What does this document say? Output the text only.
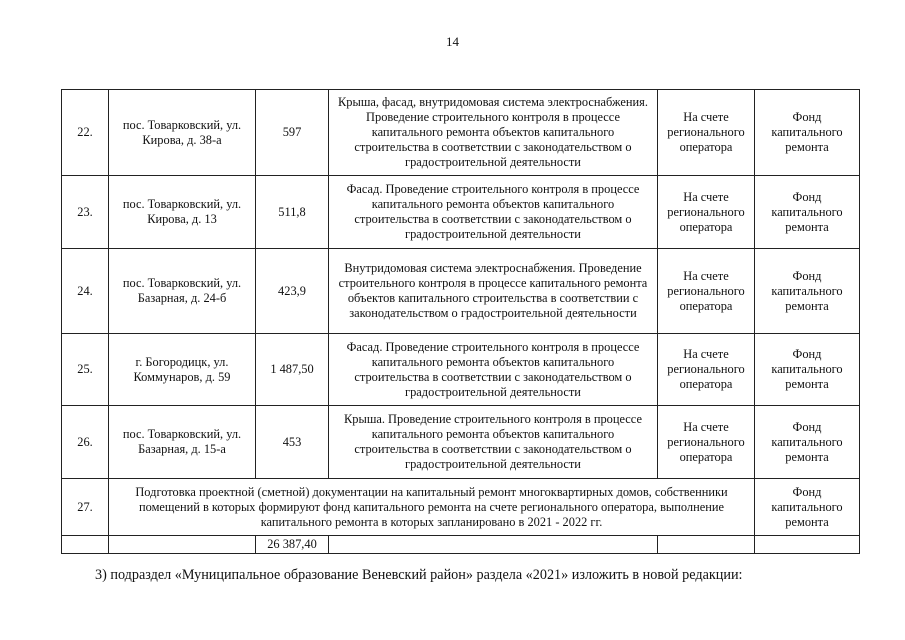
14
22.	пос. Товарковский, ул. Кирова, д. 38-а	597	Крыша, фасад, внутридомовая система электроснабжения. Проведение строительного контроля в процессе капитального ремонта объектов капитального строительства в соответствии с законодательством о градостроительной деятельности	На счете регионального оператора	Фонд капитального ремонта
23.	пос. Товарковский, ул. Кирова, д. 13	511,8	Фасад. Проведение строительного контроля в процессе капитального ремонта объектов капитального строительства в соответствии с законодательством о градостроительной деятельности	На счете регионального оператора	Фонд капитального ремонта
24.	пос. Товарковский, ул. Базарная, д. 24-б	423,9	Внутридомовая система электроснабжения. Проведение строительного контроля в процессе капитального ремонта объектов капитального строительства в соответствии с законодательством о градостроительной деятельности	На счете регионального оператора	Фонд капитального ремонта
25.	г. Богородицк, ул. Коммунаров, д. 59	1 487,50	Фасад. Проведение строительного контроля в процессе капитального ремонта объектов капитального строительства в соответствии с законодательством о градостроительной деятельности	На счете регионального оператора	Фонд капитального ремонта
26.	пос. Товарковский, ул. Базарная, д. 15-а	453	Крыша. Проведение строительного контроля в процессе капитального ремонта объектов капитального строительства в соответствии с законодательством о градостроительной деятельности	На счете регионального оператора	Фонд капитального ремонта
27.	Подготовка проектной (сметной) документации на капитальный ремонт многоквартирных домов, собственники помещений в которых формируют фонд капитального ремонта на счете регионального оператора, выполнение капитального ремонта в которых запланировано в 2021 - 2022 гг.				Фонд капитального ремонта
		26 387,40			
3) подраздел «Муниципальное образование Веневский район» раздела «2021» изложить в новой редакции:
